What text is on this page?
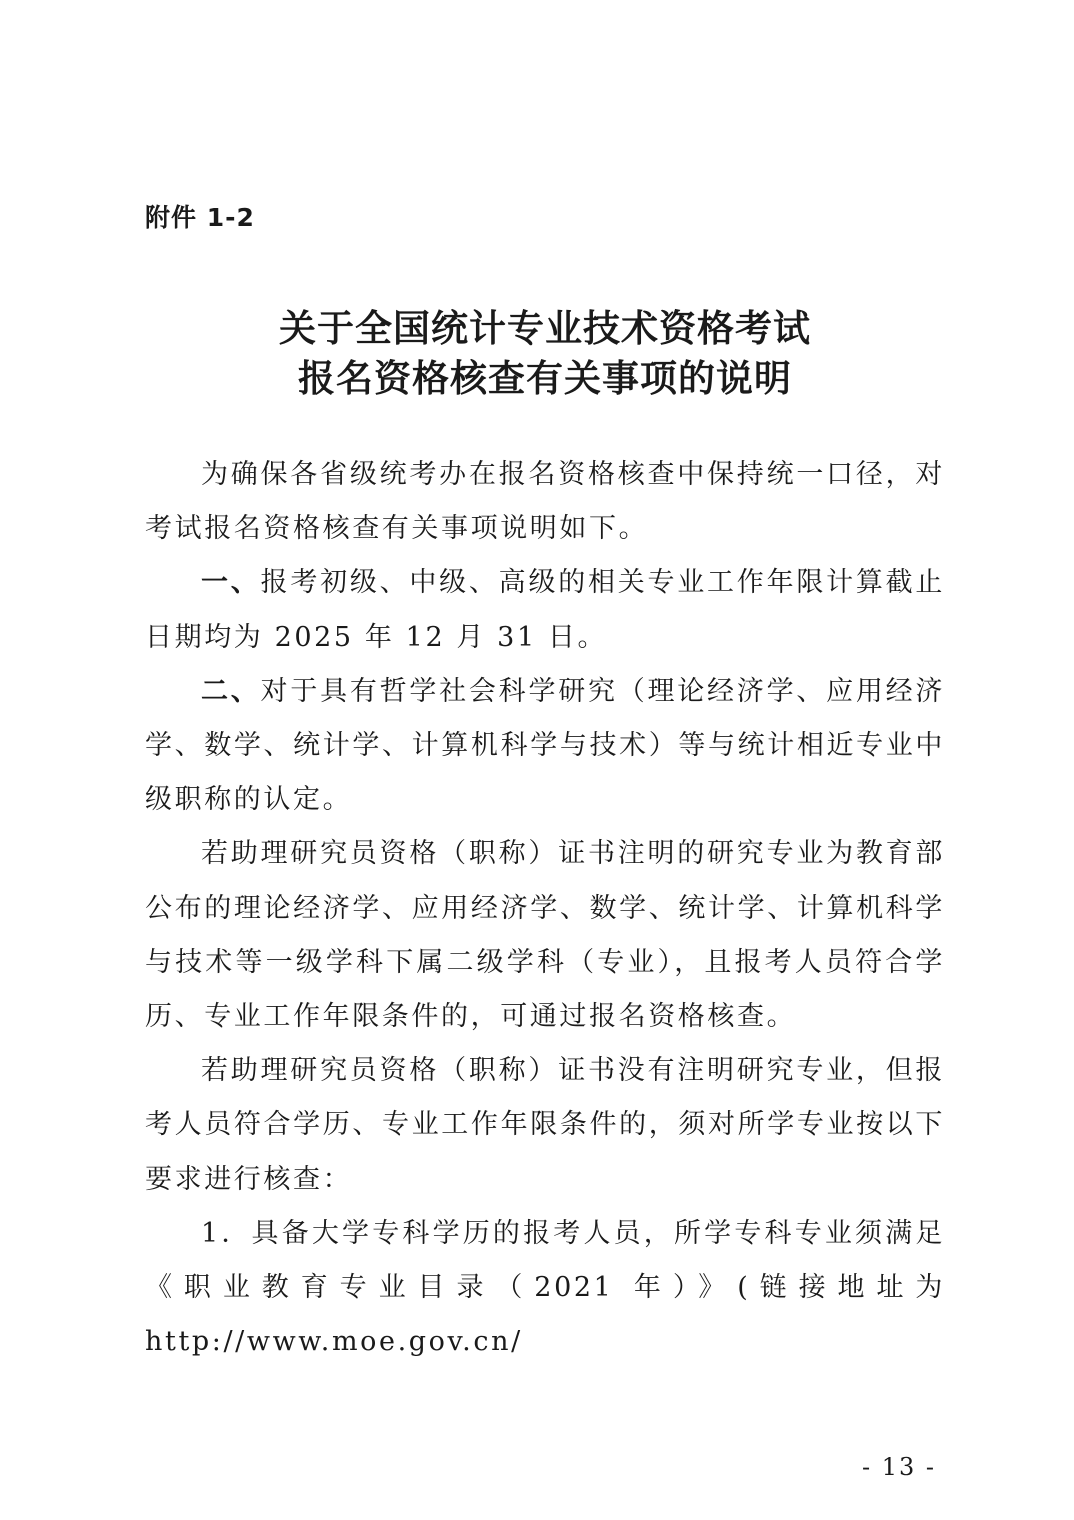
附件 1-2
关于全国统计专业技术资格考试
报名资格核查有关事项的说明

为确保各省级统考办在报名资格核查中保持统一口径，对考试报名资格核查有关事项说明如下。

一、报考初级、中级、高级的相关专业工作年限计算截止日期均为 2025 年 12 月 31 日。

二、对于具有哲学社会科学研究（理论经济学、应用经济学、数学、统计学、计算机科学与技术）等与统计相近专业中级职称的认定。

若助理研究员资格（职称）证书注明的研究专业为教育部公布的理论经济学、应用经济学、数学、统计学、计算机科学与技术等一级学科下属二级学科（专业），且报考人员符合学历、专业工作年限条件的，可通过报名资格核查。

若助理研究员资格（职称）证书没有注明研究专业，但报考人员符合学历、专业工作年限条件的，须对所学专业按以下要求进行核查：

1．具备大学专科学历的报考人员，所学专科专业须满足《职业教育专业目录（2021 年）》(链接地址为 http://www.moe.gov.cn/

- 13 -
